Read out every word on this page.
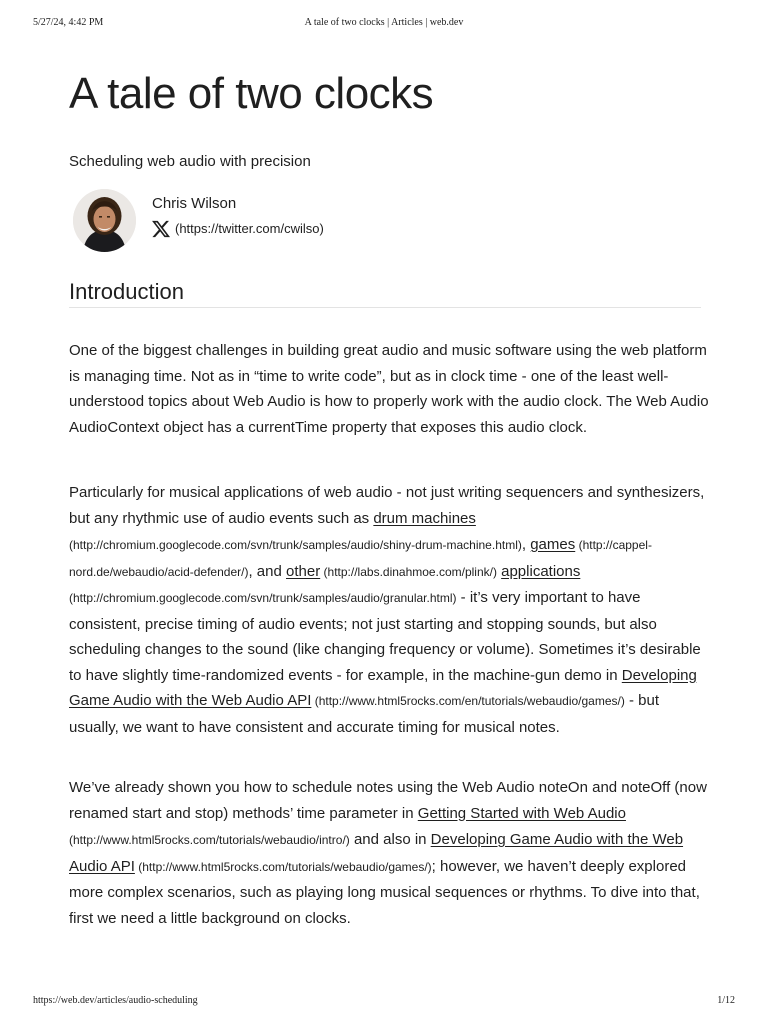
5/27/24, 4:42 PM	A tale of two clocks | Articles | web.dev
A tale of two clocks
Scheduling web audio with precision
Chris Wilson
(https://twitter.com/cwilso)
Introduction

One of the biggest challenges in building great audio and music software using the web platform is managing time. Not as in “time to write code”, but as in clock time - one of the least well-understood topics about Web Audio is how to properly work with the audio clock. The Web Audio AudioContext object has a currentTime property that exposes this audio clock.

Particularly for musical applications of web audio - not just writing sequencers and synthesizers, but any rhythmic use of audio events such as drum machines (http://chromium.googlecode.com/svn/trunk/samples/audio/shiny-drum-machine.html), games (http://cappel-nord.de/webaudio/acid-defender/), and other (http://labs.dinahmoe.com/plink/) applications (http://chromium.googlecode.com/svn/trunk/samples/audio/granular.html) - it’s very important to have consistent, precise timing of audio events; not just starting and stopping sounds, but also scheduling changes to the sound (like changing frequency or volume). Sometimes it’s desirable to have slightly time-randomized events - for example, in the machine-gun demo in Developing Game Audio with the Web Audio API (http://www.html5rocks.com/en/tutorials/webaudio/games/) - but usually, we want to have consistent and accurate timing for musical notes.

We’ve already shown you how to schedule notes using the Web Audio noteOn and noteOff (now renamed start and stop) methods’ time parameter in Getting Started with Web Audio (http://www.html5rocks.com/tutorials/webaudio/intro/) and also in Developing Game Audio with the Web Audio API (http://www.html5rocks.com/tutorials/webaudio/games/); however, we haven’t deeply explored more complex scenarios, such as playing long musical sequences or rhythms. To dive into that, first we need a little background on clocks.

https://web.dev/articles/audio-scheduling	1/12
